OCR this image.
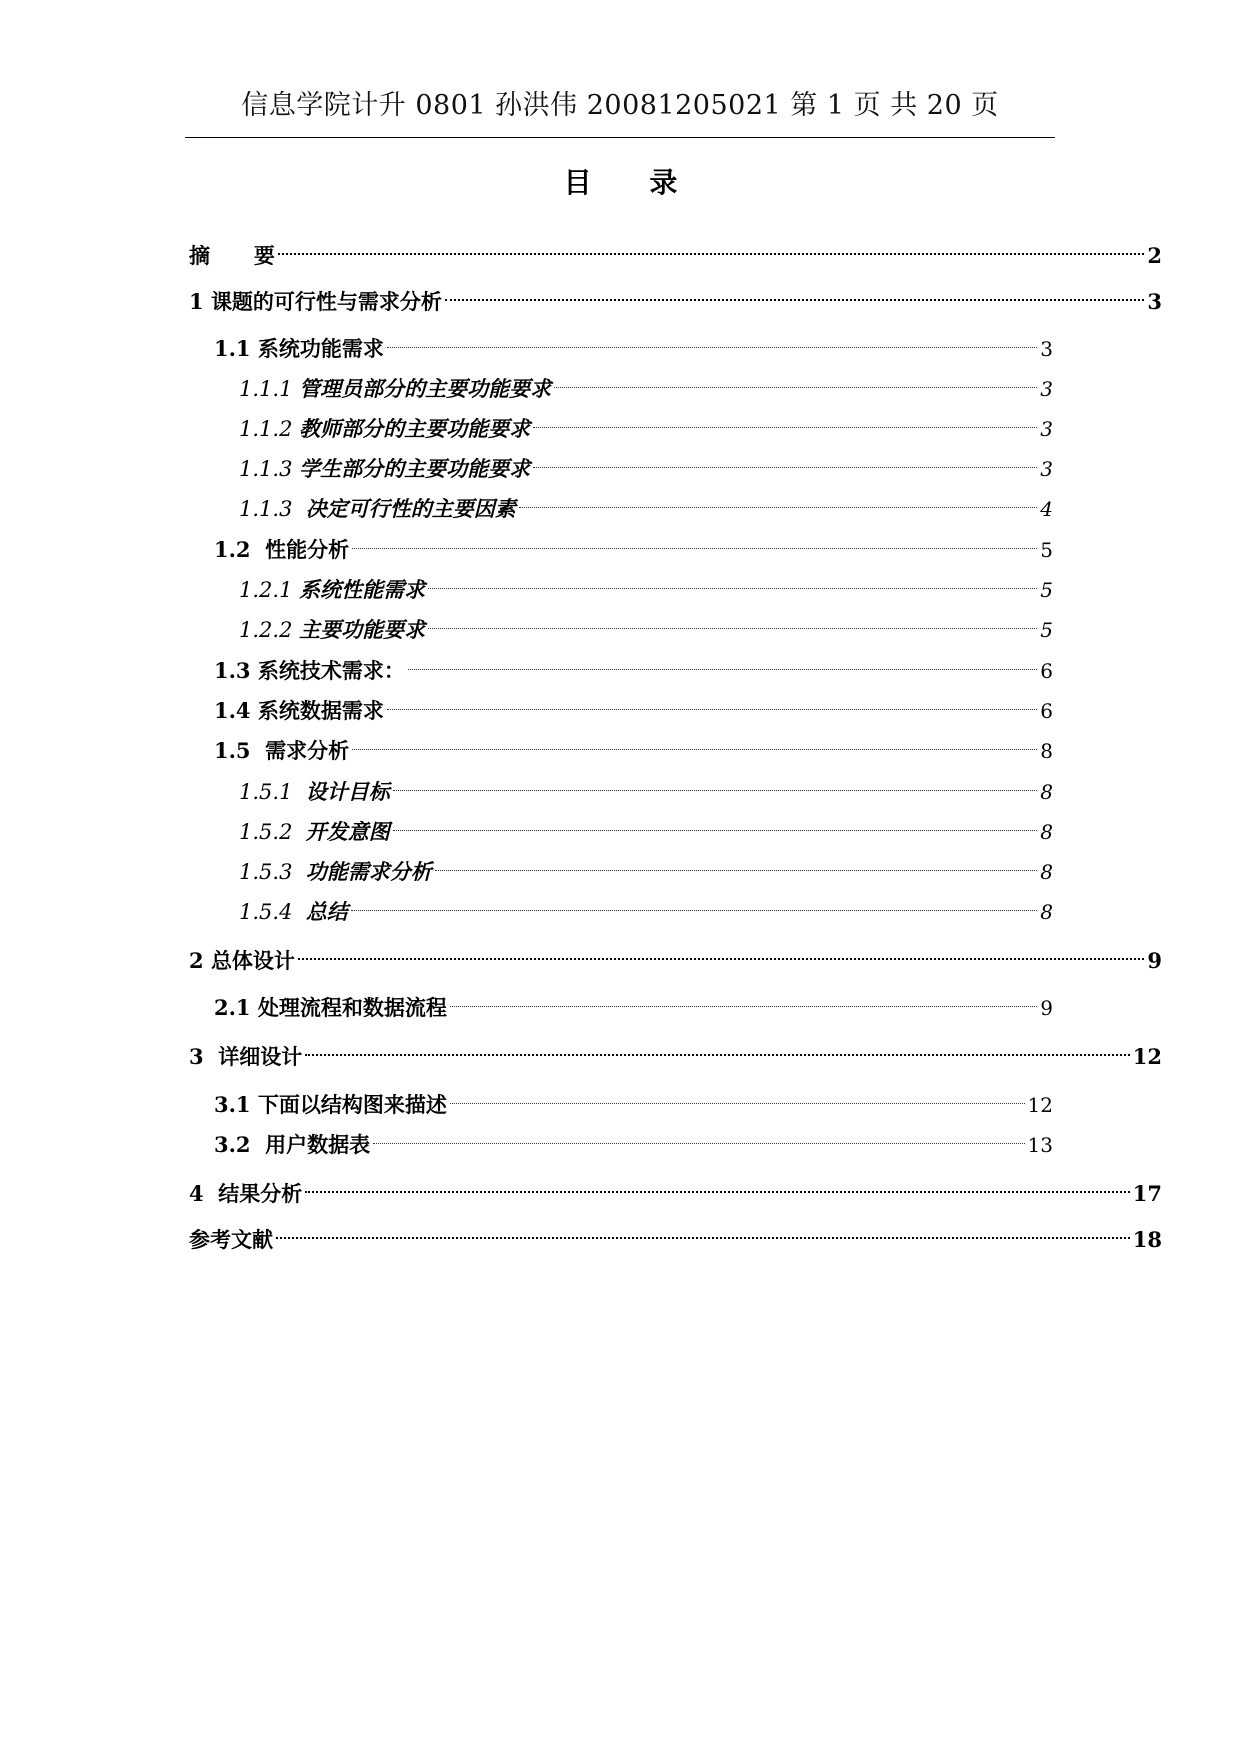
信息学院计升 0801 孙洪伟 20081205021 第 1 页 共 20 页
目 录
摘      要	2
1 课题的可行性与需求分析	3
1.1 系统功能需求	3
1.1.1 管理员部分的主要功能要求	3
1.1.2 教师部分的主要功能要求	3
1.1.3 学生部分的主要功能要求	3
1.1.3  决定可行性的主要因素	4
1.2  性能分析	5
1.2.1 系统性能需求	5
1.2.2 主要功能要求	5
1.3 系统技术需求：	6
1.4 系统数据需求	6
1.5  需求分析	8
1.5.1  设计目标	8
1.5.2  开发意图	8
1.5.3  功能需求分析	8
1.5.4  总结	8
2 总体设计	9
2.1 处理流程和数据流程	9
3  详细设计	12
3.1 下面以结构图来描述	12
3.2  用户数据表	13
4  结果分析	17
参考文献	18
